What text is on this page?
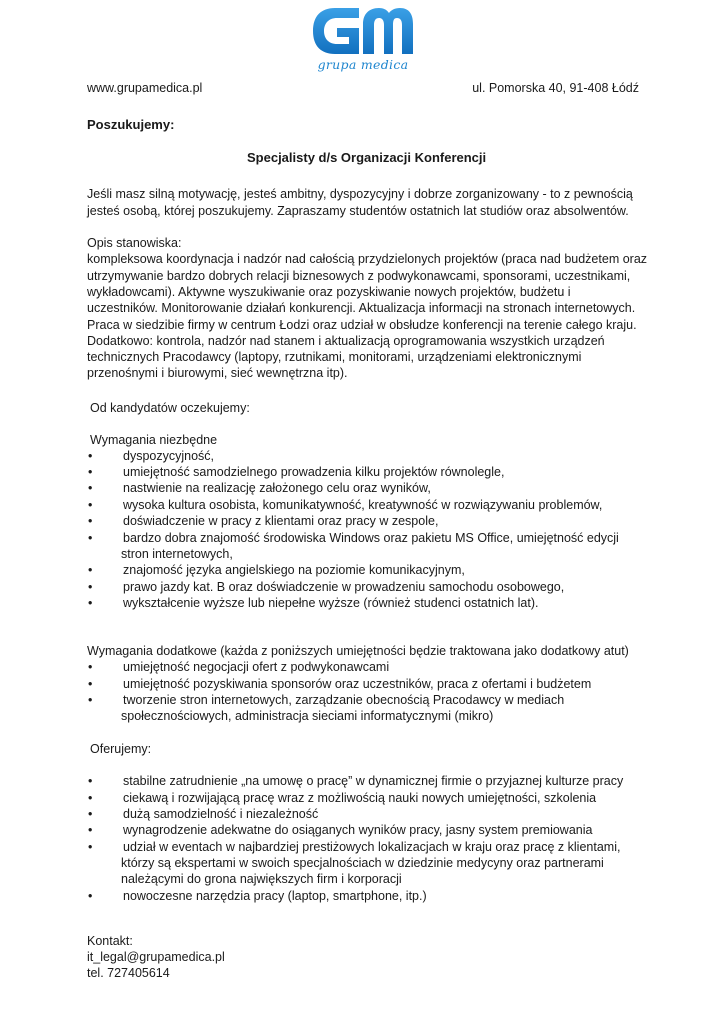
grupa medica
www.grupamedica.pl	ul. Pomorska 40, 91-408 Łódź
Poszukujemy:
Specjalisty d/s Organizacji Konferencji
Jeśli masz silną motywację, jesteś ambitny, dyspozycyjny i dobrze zorganizowany - to z pewnością
jesteś osobą, której poszukujemy. Zapraszamy studentów ostatnich lat studiów oraz absolwentów.
Opis stanowiska:
kompleksowa koordynacja i nadzór nad całością przydzielonych projektów (praca nad budżetem oraz
utrzymywanie bardzo dobrych relacji biznesowych z podwykonawcami, sponsorami, uczestnikami,
wykładowcami). Aktywne wyszukiwanie oraz pozyskiwanie nowych projektów, budżetu i
uczestników. Monitorowanie działań konkurencji. Aktualizacja informacji na stronach internetowych.
Praca w siedzibie firmy w centrum Łodzi oraz udział w obsłudze konferencji na terenie całego kraju.
Dodatkowo: kontrola, nadzór nad stanem i aktualizacją oprogramowania wszystkich urządzeń
technicznych Pracodawcy (laptopy, rzutnikami, monitorami, urządzeniami elektronicznymi
przenośnymi i biurowymi, sieć wewnętrzna itp).
Od kandydatów oczekujemy:
Wymagania niezbędne
• dyspozycyjność,
• umiejętność samodzielnego prowadzenia kilku projektów równolegle,
• nastwienie na realizację założonego celu oraz wyników,
• wysoka kultura osobista, komunikatywność, kreatywność w rozwiązywaniu problemów,
• doświadczenie w pracy z klientami oraz pracy w zespole,
• bardzo dobra znajomość środowiska Windows oraz pakietu MS Office, umiejętność edycji
stron internetowych,
• znajomość języka angielskiego na poziomie komunikacyjnym,
• prawo jazdy kat. B oraz doświadczenie w prowadzeniu samochodu osobowego,
• wykształcenie wyższe lub niepełne wyższe (również studenci ostatnich lat).
Wymagania dodatkowe (każda z poniższych umiejętności będzie traktowana jako dodatkowy atut)
• umiejętność negocjacji ofert z podwykonawcami
• umiejętność pozyskiwania sponsorów oraz uczestników, praca z ofertami i budżetem
• tworzenie stron internetowych, zarządzanie obecnością Pracodawcy w mediach
społecznościowych, administracja sieciami informatycznymi (mikro)
Oferujemy:
• stabilne zatrudnienie „na umowę o pracę” w dynamicznej firmie o przyjaznej kulturze pracy
• ciekawą i rozwijającą pracę wraz z możliwością nauki nowych umiejętności, szkolenia
• dużą samodzielność i niezależność
• wynagrodzenie adekwatne do osiąganych wyników pracy, jasny system premiowania
• udział w eventach w najbardziej prestiżowych lokalizacjach w kraju oraz pracę z klientami,
którzy są ekspertami w swoich specjalnościach w dziedzinie medycyny oraz partnerami
należącymi do grona największych firm i korporacji
• nowoczesne narzędzia pracy (laptop, smartphone, itp.)
Kontakt:
it_legal@grupamedica.pl
tel. 727405614
